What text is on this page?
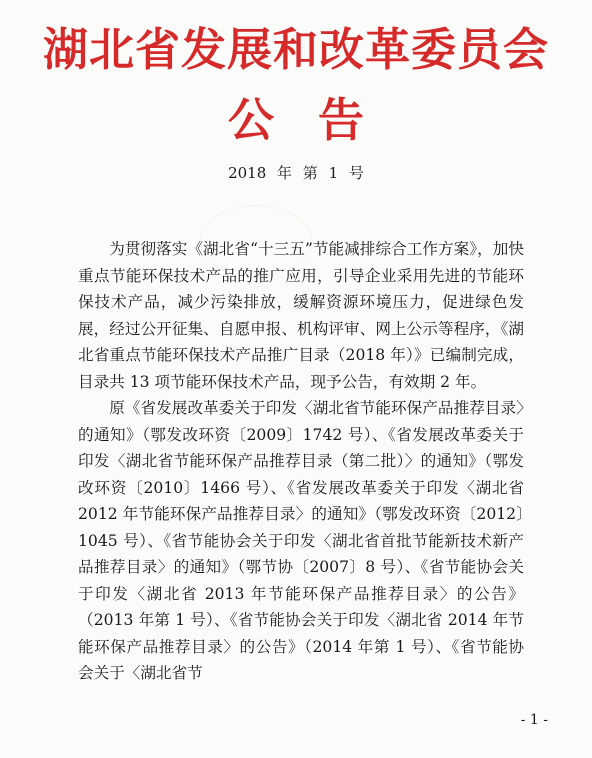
湖北省发展和改革委员会
公告
2018 年 第 1 号

为贯彻落实《湖北省“十三五”节能减排综合工作方案》，加快重点节能环保技术产品的推广应用，引导企业采用先进的节能环保技术产品，减少污染排放，缓解资源环境压力，促进绿色发展，经过公开征集、自愿申报、机构评审、网上公示等程序，《湖北省重点节能环保技术产品推广目录（2018 年）》已编制完成，目录共 13 项节能环保技术产品，现予公告，有效期 2 年。

原《省发展改革委关于印发〈湖北省节能环保产品推荐目录〉的通知》（鄂发改环资〔2009〕1742 号）、《省发展改革委关于印发〈湖北省节能环保产品推荐目录（第二批）〉的通知》（鄂发改环资〔2010〕1466 号）、《省发展改革委关于印发〈湖北省 2012 年节能环保产品推荐目录〉的通知》（鄂发改环资〔2012〕1045 号）、《省节能协会关于印发〈湖北省首批节能新技术新产品推荐目录〉的通知》（鄂节协〔2007〕8 号）、《省节能协会关于印发〈湖北省 2013 年节能环保产品推荐目录〉的公告》（2013 年第 1 号）、《省节能协会关于印发〈湖北省 2014 年节能环保产品推荐目录〉的公告》（2014 年第 1 号）、《省节能协会关于〈湖北省节

- 1 -
